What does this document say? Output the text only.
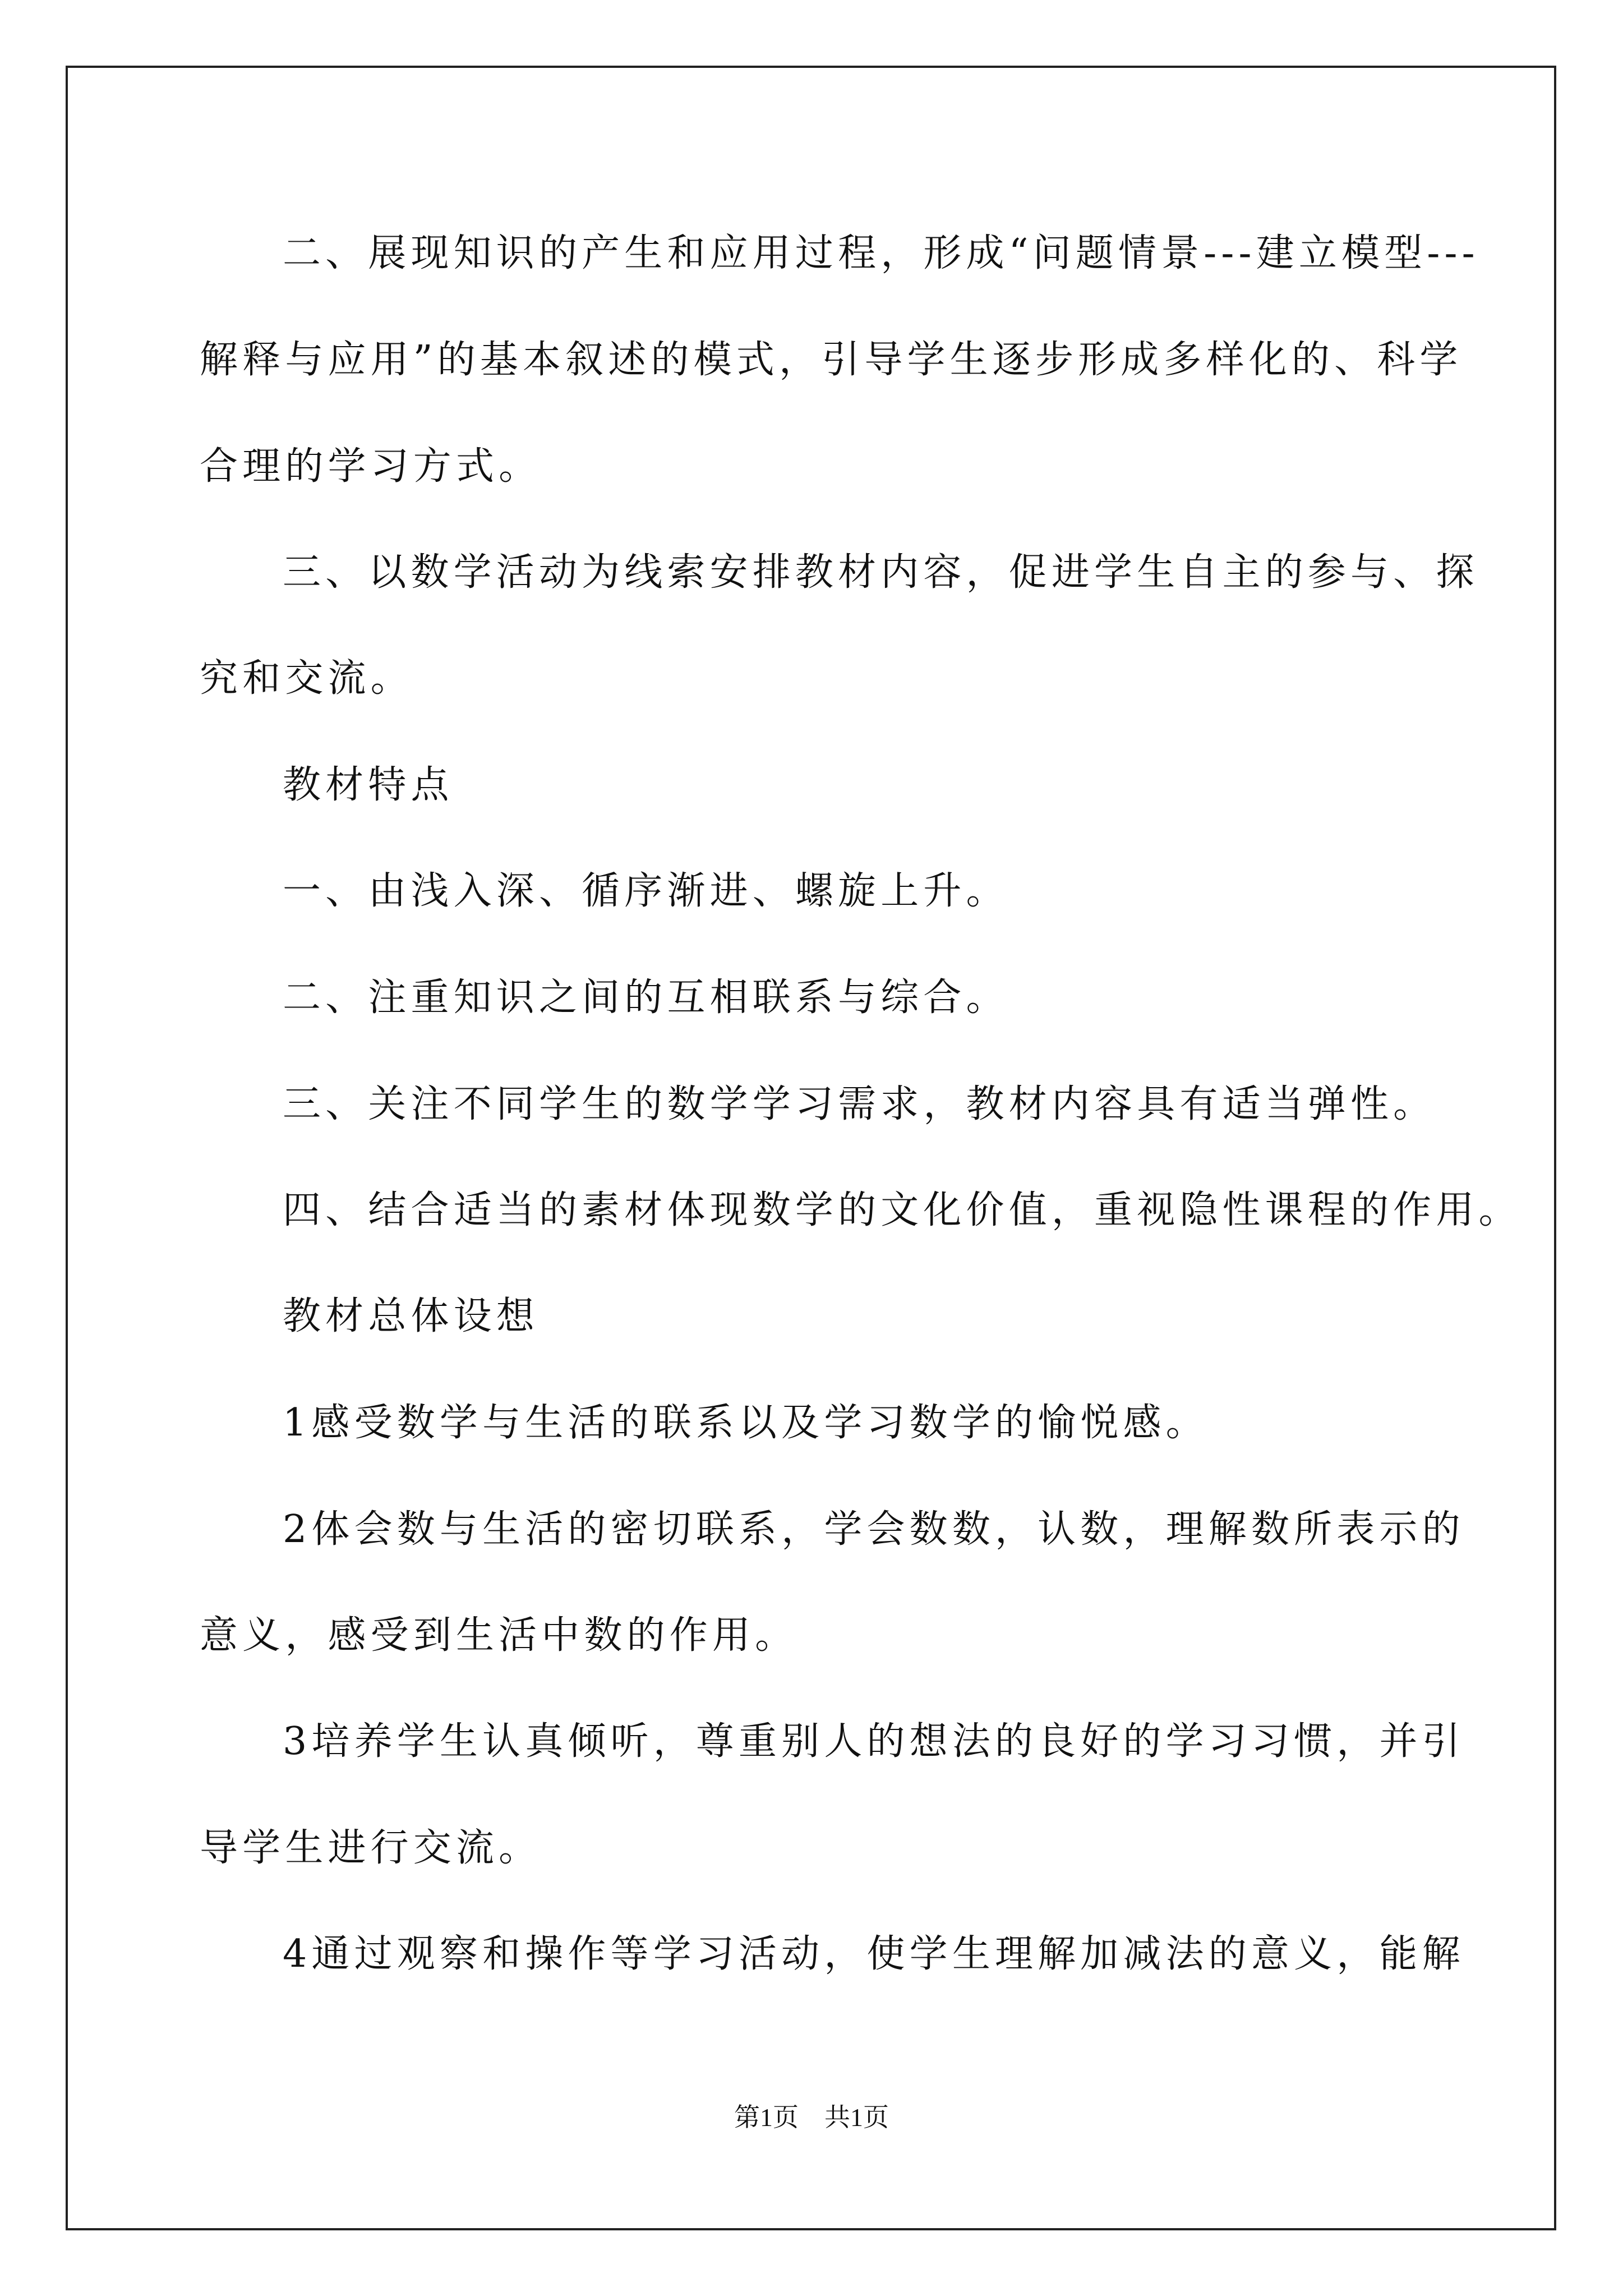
二、展现知识的产生和应用过程，形成“问题情景---建立模型---
解释与应用”的基本叙述的模式，引导学生逐步形成多样化的、科学
合理的学习方式。
三、以数学活动为线索安排教材内容，促进学生自主的参与、探
究和交流。
教材特点
一、由浅入深、循序渐进、螺旋上升。
二、注重知识之间的互相联系与综合。
三、关注不同学生的数学学习需求，教材内容具有适当弹性。
四、结合适当的素材体现数学的文化价值，重视隐性课程的作用。
教材总体设想
1感受数学与生活的联系以及学习数学的愉悦感。
2体会数与生活的密切联系，学会数数，认数，理解数所表示的
意义，感受到生活中数的作用。
3培养学生认真倾听，尊重别人的想法的良好的学习习惯，并引
导学生进行交流。
4通过观察和操作等学习活动，使学生理解加减法的意义，能解
第1页　共1页
